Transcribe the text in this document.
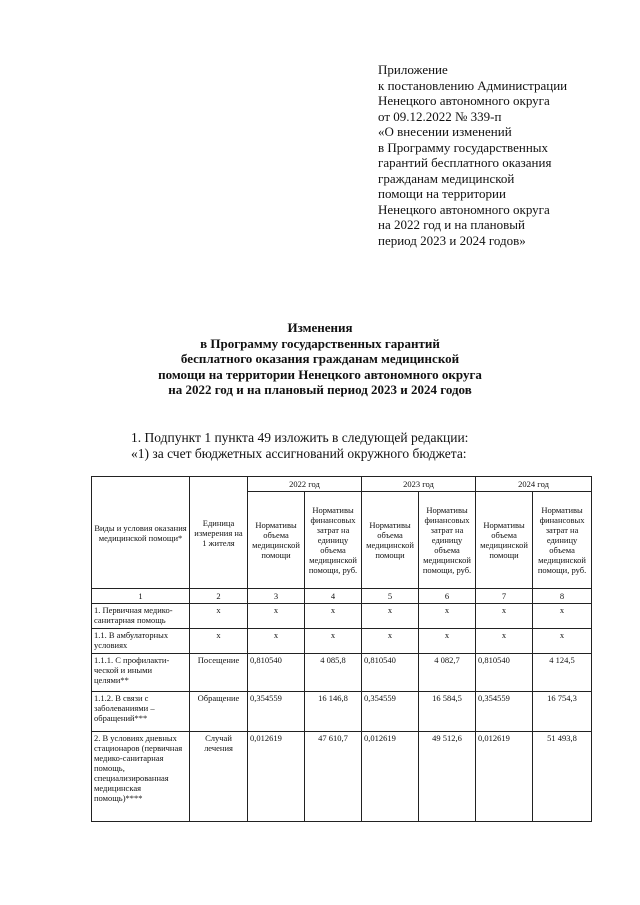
Приложение
к постановлению Администрации
Ненецкого автономного округа
от 09.12.2022 № 339-п
«О внесении изменений
в Программу государственных
гарантий бесплатного оказания
гражданам медицинской
помощи на территории
Ненецкого автономного округа
на 2022 год и на плановый
период 2023 и 2024 годов»
Изменения
в Программу государственных гарантий
бесплатного оказания гражданам медицинской
помощи на территории Ненецкого автономного округа
на 2022 год и на плановый период 2023 и 2024 годов
1. Подпункт 1 пункта 49 изложить в следующей редакции:
«1) за счет бюджетных ассигнований окружного бюджета:
Виды и условия оказания медицинской помощи*	Единица измерения на 1 жителя	2022 год		2023 год		2024 год	
		Нормативы объема медицинской помощи	Нормативы финансовых затрат на единицу объема медицинской помощи, руб.	Нормативы объема медицинской помощи	Нормативы финансовых затрат на единицу объема медицинской помощи, руб.	Нормативы объема медицинской помощи	Нормативы финансовых затрат на единицу объема медицинской помощи, руб.
1	2	3	4	5	6	7	8
1. Первичная медико-санитарная помощь	х	х	х	х	х	х	х
1.1. В амбулаторных условиях	х	х	х	х	х	х	х
1.1.1. С профилакти-ческой и иными целями**	Посещение	0,810540	4 085,8	0,810540	4 082,7	0,810540	4 124,5
1.1.2. В связи с заболеваниями – обращений***	Обращение	0,354559	16 146,8	0,354559	16 584,5	0,354559	16 754,3
2. В условиях дневных стационаров (первичная медико-санитарная помощь, специализированная медицинская помощь)****	Случай лечения	0,012619	47 610,7	0,012619	49 512,6	0,012619	51 493,8
